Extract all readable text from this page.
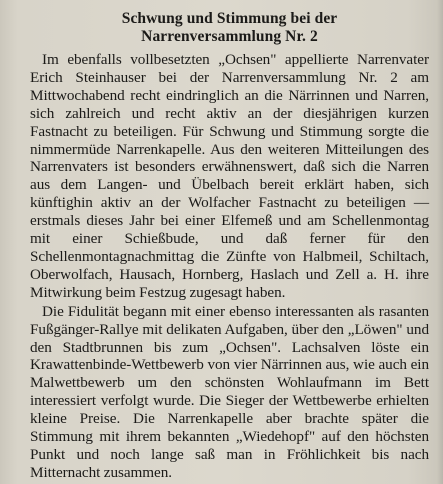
Schwung und Stimmung bei der
Narrenversammlung Nr. 2

Im ebenfalls vollbesetzten „Ochsen" appellierte Narrenvater Erich Steinhauser bei der Narrenversammlung Nr. 2 am Mittwochabend recht eindringlich an die Närrinnen und Narren, sich zahlreich und recht aktiv an der diesjährigen kurzen Fastnacht zu beteiligen. Für Schwung und Stimmung sorgte die nimmermüde Narrenkapelle. Aus den weiteren Mitteilungen des Narrenvaters ist besonders erwähnenswert, daß sich die Narren aus dem Langen- und Übelbach bereit erklärt haben, sich künftighin aktiv an der Wolfacher Fastnacht zu beteiligen — erstmals dieses Jahr bei einer Elfemeß und am Schellenmontag mit einer Schießbude, und daß ferner für den Schellenmontagnachmittag die Zünfte von Halbmeil, Schiltach, Oberwolfach, Hausach, Hornberg, Haslach und Zell a. H. ihre Mitwirkung beim Festzug zugesagt haben.

Die Fidulität begann mit einer ebenso interessanten als rasanten Fußgänger-Rallye mit delikaten Aufgaben, über den „Löwen" und den Stadtbrunnen bis zum „Ochsen". Lachsalven löste ein Krawattenbinde-Wettbewerb von vier Närrinnen aus, wie auch ein Malwettbewerb um den schönsten Wohlaufmann im Bett interessiert verfolgt wurde. Die Sieger der Wettbewerbe erhielten kleine Preise. Die Narrenkapelle aber brachte später die Stimmung mit ihrem bekannten „Wiedehopf" auf den höchsten Punkt und noch lange saß man in Fröhlichkeit bis nach Mitternacht zusammen.
